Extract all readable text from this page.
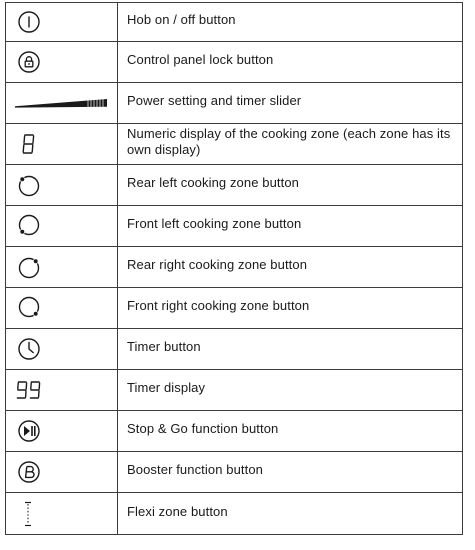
	Hob on / off button

	Control panel lock button

	Power setting and timer slider

	Numeric display of the cooking zone (each zone has its own display)

	Rear left cooking zone button

	Front left cooking zone button

	Rear right cooking zone button

	Front right cooking zone button

	Timer button

	Timer display

	Stop & Go function button

	Booster function button

	Flexi zone button
